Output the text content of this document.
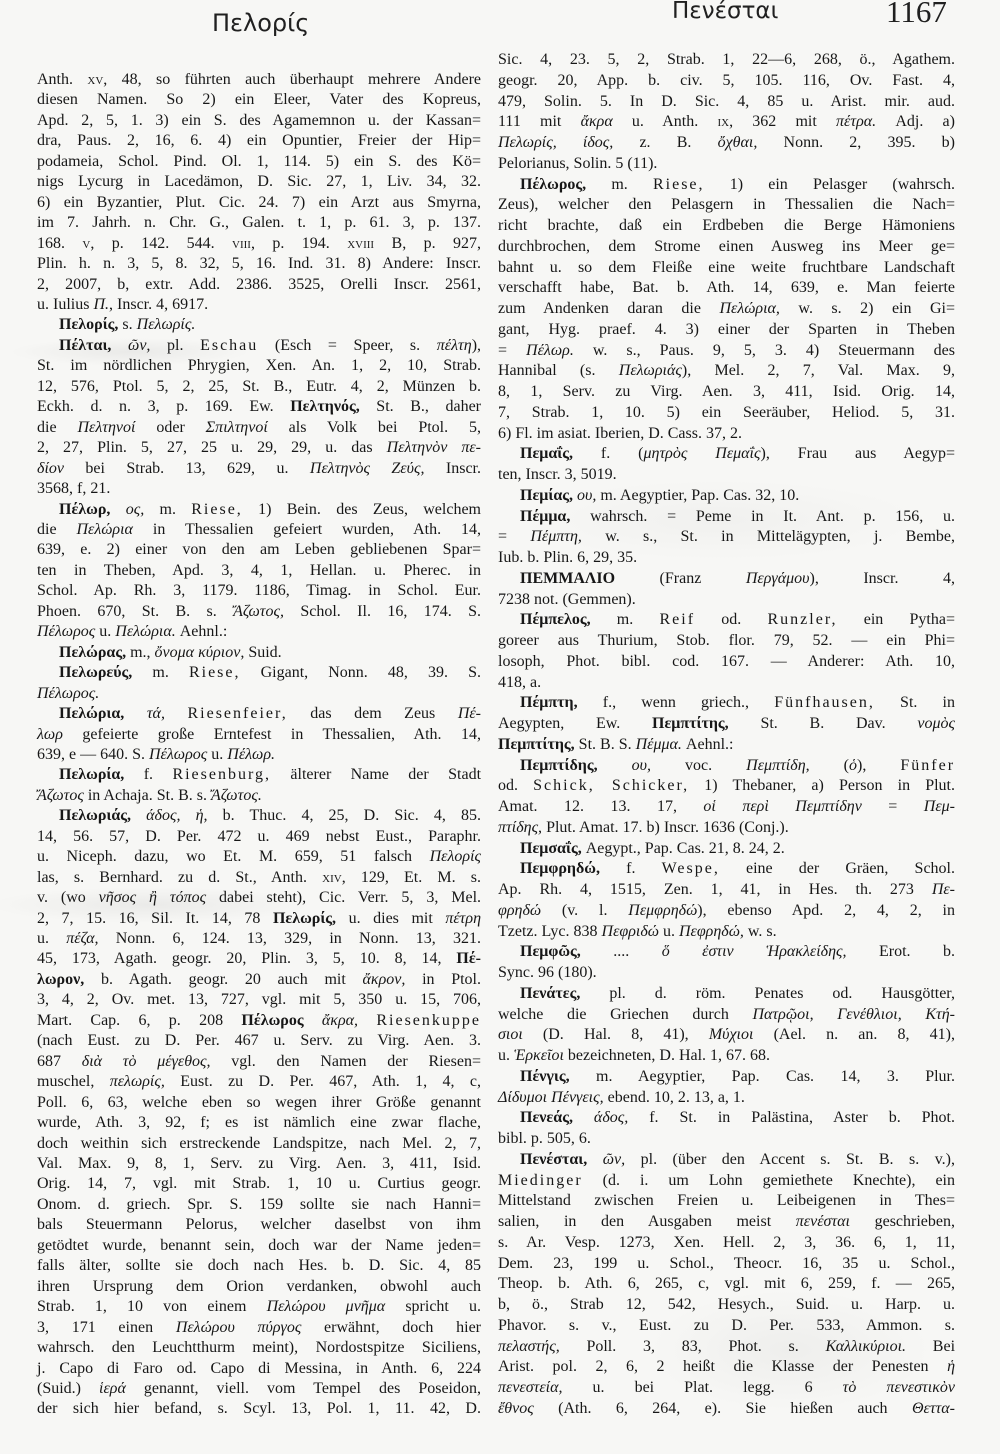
Πελορίς	Πενέσται	1167
Anth. xv, 48, so führten auch überhaupt mehrere Andere
diesen Namen. So 2) ein Eleer, Vater des Kopreus,
Apd. 2, 5, 1. 3) ein S. des Agamemnon u. der Kassan=
dra, Paus. 2, 16, 6. 4) ein Opuntier, Freier der Hip=
podameia, Schol. Pind. Ol. 1, 114. 5) ein S. des Kö=
nigs Lycurg in Lacedämon, D. Sic. 27, 1, Liv. 34, 32.
6) ein Byzantier, Plut. Cic. 24. 7) ein Arzt aus Smyrna,
im 7. Jahrh. n. Chr. G., Galen. t. 1, p. 61. 3, p. 137.
168. v, p. 142. 544. viii, p. 194. xviii B, p. 927,
Plin. h. n. 3, 5, 8. 32, 5, 16. Ind. 31. 8) Andere: Inscr.
2, 2007, b, extr. Add. 2386. 3525, Orelli Inscr. 2561,
u. Iulius Π., Inscr. 4, 6917.
Πελορίς, s. Πελωρίς.
Πέλται, ῶν, pl. Eschau (Esch = Speer, s. πέλτη),
St. im nördlichen Phrygien, Xen. An. 1, 2, 10, Strab.
12, 576, Ptol. 5, 2, 25, St. B., Eutr. 4, 2, Münzen b.
Eckh. d. n. 3, p. 169. Ew. Πελτηνός, St. B., daher
die Πελτηνοί oder Σπιλτηνοί als Volk bei Ptol. 5,
2, 27, Plin. 5, 27, 25 u. 29, 29, u. das Πελτηνὸν πε-
δίον bei Strab. 13, 629, u. Πελτηνὸς Ζεύς, Inscr.
3568, f, 21.
Πέλωρ, ος, m. Riese, 1) Bein. des Zeus, welchem
die Πελώρια in Thessalien gefeiert wurden, Ath. 14,
639, e. 2) einer von den am Leben gebliebenen Spar=
ten in Theben, Apd. 3, 4, 1, Hellan. u. Pherec. in
Schol. Ap. Rh. 3, 1179. 1186, Timag. in Schol. Eur.
Phoen. 670, St. B. s. Ἄζωτος, Schol. Il. 16, 174. S.
Πέλωρος u. Πελώρια. Aehnl.:
Πελώρας, m., ὄνομα κύριον, Suid.
Πελωρεύς, m. Riese, Gigant, Nonn. 48, 39. S.
Πέλωρος.
Πελώρια, τά, Riesenfeier, das dem Zeus Πέ-
λωρ gefeierte große Erntefest in Thessalien, Ath. 14,
639, e — 640. S. Πέλωρος u. Πέλωρ.
Πελωρία, f. Riesenburg, älterer Name der Stadt
Ἄζωτος in Achaja. St. B. s. Ἄζωτος.
Πελωριάς, άδος, ἡ, b. Thuc. 4, 25, D. Sic. 4, 85.
14, 56. 57, D. Per. 472 u. 469 nebst Eust., Paraphr.
u. Niceph. dazu, wo Et. M. 659, 51 falsch Πελορίς
las, s. Bernhard. zu d. St., Anth. xiv, 129, Et. M. s.
v. (wo νῆσος ἢ τόπος dabei steht), Cic. Verr. 5, 3, Mel.
2, 7, 15. 16, Sil. It. 14, 78 Πελωρίς, u. dies mit πέτρη
u. πέζα, Nonn. 6, 124. 13, 329, in Nonn. 13, 321.
45, 173, Agath. geogr. 20, Plin. 3, 5, 10. 8, 14, Πέ-
λωρον, b. Agath. geogr. 20 auch mit ἄκρον, in Ptol.
3, 4, 2, Ov. met. 13, 727, vgl. mit 5, 350 u. 15, 706,
Mart. Cap. 6, p. 208 Πέλωρος ἄκρα, Riesenkuppe
(nach Eust. zu D. Per. 467 u. Serv. zu Virg. Aen. 3.
687 διὰ τὸ μέγεθος, vgl. den Namen der Riesen=
muschel, πελωρίς, Eust. zu D. Per. 467, Ath. 1, 4, c,
Poll. 6, 63, welche eben so wegen ihrer Größe genannt
wurde, Ath. 3, 92, f; es ist nämlich eine zwar flache,
doch weithin sich erstreckende Landspitze, nach Mel. 2, 7,
Val. Max. 9, 8, 1, Serv. zu Virg. Aen. 3, 411, Isid.
Orig. 14, 7, vgl. mit Strab. 1, 10 u. Curtius geogr.
Onom. d. griech. Spr. S. 159 sollte sie nach Hanni=
bals Steuermann Pelorus, welcher daselbst von ihm
getödtet wurde, benannt sein, doch war der Name jeden=
falls älter, sollte sie doch nach Hes. b. D. Sic. 4, 85
ihren Ursprung dem Orion verdanken, obwohl auch
Strab. 1, 10 von einem Πελώρου μνῆμα spricht u.
3, 171 einen Πελώρου πύργος erwähnt, doch hier
wahrsch. den Leuchtthurm meint), Nordostspitze Siciliens,
j. Capo di Faro od. Capo di Messina, in Anth. 6, 224
(Suid.) ἱερά genannt, viell. vom Tempel des Poseidon,
der sich hier befand, s. Scyl. 13, Pol. 1, 11. 42, D.
Sic. 4, 23. 5, 2, Strab. 1, 22—6, 268, ö., Agathem.
geogr. 20, App. b. civ. 5, 105. 116, Ov. Fast. 4,
479, Solin. 5. In D. Sic. 4, 85 u. Arist. mir. aud.
111 mit ἄκρα u. Anth. ix, 362 mit πέτρα. Adj. a)
Πελωρίς, ίδος, z. B. ὄχθαι, Nonn. 2, 395. b)
Pelorianus, Solin. 5 (11).
Πέλωρος, m. Riese, 1) ein Pelasger (wahrsch.
Zeus), welcher den Pelasgern in Thessalien die Nach=
richt brachte, daß ein Erdbeben die Berge Hämoniens
durchbrochen, dem Strome einen Ausweg ins Meer ge=
bahnt u. so dem Fleiße eine weite fruchtbare Landschaft
verschafft habe, Bat. b. Ath. 14, 639, e. Man feierte
zum Andenken daran die Πελώρια, w. s. 2) ein Gi=
gant, Hyg. praef. 4. 3) einer der Sparten in Theben
= Πέλωρ. w. s., Paus. 9, 5, 3. 4) Steuermann des
Hannibal (s. Πελωριάς), Mel. 2, 7, Val. Max. 9,
8, 1, Serv. zu Virg. Aen. 3, 411, Isid. Orig. 14,
7, Strab. 1, 10. 5) ein Seeräuber, Heliod. 5, 31.
6) Fl. im asiat. Iberien, D. Cass. 37, 2.
Πεμαΐς, f. (μητρὸς Πεμαΐς), Frau aus Aegyp=
ten, Inscr. 3, 5019.
Πεμίας, ου, m. Aegyptier, Pap. Cas. 32, 10.
Πέμμα, wahrsch. = Peme in It. Ant. p. 156, u.
= Πέμπτη, w. s., St. in Mittelägypten, j. Bembe,
Iub. b. Plin. 6, 29, 35.
ΠΕΜΜΑΛΙΟ (Franz Περγάμου), Inscr. 4,
7238 not. (Gemmen).
Πέμπελος, m. Reif od. Runzler, ein Pytha=
goreer aus Thurium, Stob. flor. 79, 52. — ein Phi=
losoph, Phot. bibl. cod. 167. — Anderer: Ath. 10,
418, a.
Πέμπτη, f., wenn griech., Fünfhausen, St. in
Aegypten, Ew. Πεμπτίτης, St. B. Dav. νομὸς
Πεμπτίτης, St. B. S. Πέμμα. Aehnl.:
Πεμπτίδης, ου, voc. Πεμπτίδη, (ὁ), Fünfer
od. Schick, Schicker, 1) Thebaner, a) Person in Plut.
Amat. 12. 13. 17, οἱ περὶ Πεμπτίδην = Πεμ-
πτίδης, Plut. Amat. 17. b) Inscr. 1636 (Conj.).
Πεμσαΐς, Aegypt., Pap. Cas. 21, 8. 24, 2.
Πεμφρηδώ, f. Wespe, eine der Gräen, Schol.
Ap. Rh. 4, 1515, Zen. 1, 41, in Hes. th. 273 Πε-
φρηδώ (v. l. Πεμφρηδώ), ebenso Apd. 2, 4, 2, in
Tzetz. Lyc. 838 Πεφριδώ u. Πεφρηδώ, w. s.
Πεμφῶς, .... ὅ ἐστιν Ἡρακλείδης, Erot. b.
Sync. 96 (180).
Πενάτες, pl. d. röm. Penates od. Hausgötter,
welche die Griechen durch Πατρῷοι, Γενέθλιοι, Κτή-
σιοι (D. Hal. 8, 41), Μύχιοι (Ael. n. an. 8, 41),
u. Ἑρκεῖοι bezeichneten, D. Hal. 1, 67. 68.
Πένγις, m. Aegyptier, Pap. Cas. 14, 3. Plur.
Δίδυμοι Πένγεις, ebend. 10, 2. 13, a, 1.
Πενεάς, άδος, f. St. in Palästina, Aster b. Phot.
bibl. p. 505, 6.
Πενέσται, ῶν, pl. (über den Accent s. St. B. s. v.),
Miedinger (d. i. um Lohn gemiethete Knechte), ein
Mittelstand zwischen Freien u. Leibeigenen in Thes=
salien, in den Ausgaben meist πενέσται geschrieben,
s. Ar. Vesp. 1273, Xen. Hell. 2, 3, 36. 6, 1, 11,
Dem. 23, 199 u. Schol., Theocr. 16, 35 u. Schol.,
Theop. b. Ath. 6, 265, c, vgl. mit 6, 259, f. — 265,
b, ö., Strab 12, 542, Hesych., Suid. u. Harp. u.
Phavor. s. v., Eust. zu D. Per. 533, Ammon. s.
πελαστής, Poll. 3, 83, Phot. s. Καλλικύριοι. Bei
Arist. pol. 2, 6, 2 heißt die Klasse der Penesten ἡ
πενεστεία, u. bei Plat. legg. 6 τὸ πενεστικὸν
ἔθνος (Ath. 6, 264, e). Sie hießen auch Θεττα-
